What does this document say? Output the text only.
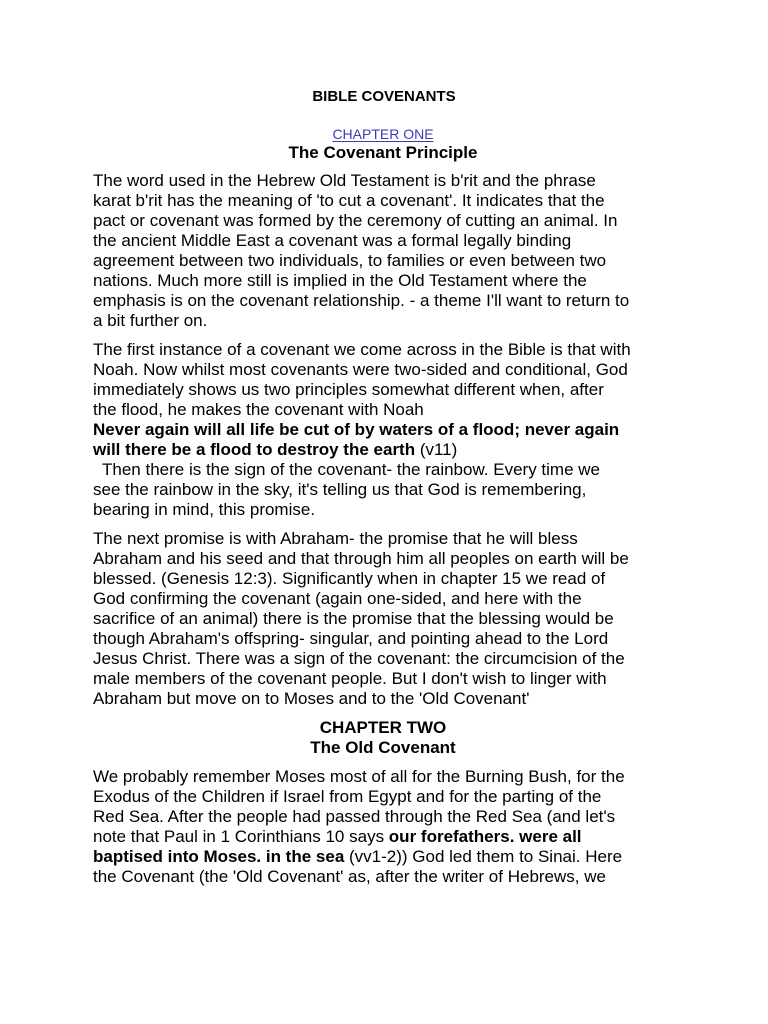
BIBLE COVENANTS
CHAPTER ONE
The Covenant Principle

The word used in the Hebrew Old Testament is b'rit and the phrase

karat b'rit has the meaning of 'to cut a covenant'. It indicates that the

pact or covenant was formed by the ceremony of cutting an animal. In

the ancient Middle East a covenant was a formal legally binding

agreement between two individuals, to families or even between two

nations. Much more still is implied in the Old Testament where the

emphasis is on the covenant relationship. - a theme I'll want to return to

a bit further on.

The first instance of a covenant we come across in the Bible is that with

Noah. Now whilst most covenants were two-sided and conditional, God

immediately shows us two principles somewhat different when, after

the flood, he makes the covenant with Noah

Never again will all life be cut of by waters of a flood; never again

will there be a flood to destroy the earth (v11)

Then there is the sign of the covenant- the rainbow. Every time we

see the rainbow in the sky, it's telling us that God is remembering,

bearing in mind, this promise.

The next promise is with Abraham- the promise that he will bless

Abraham and his seed and that through him all peoples on earth will be

blessed. (Genesis 12:3). Significantly when in chapter 15 we read of

God confirming the covenant (again one-sided, and here with the

sacrifice of an animal) there is the promise that the blessing would be

though Abraham's offspring- singular, and pointing ahead to the Lord

Jesus Christ. There was a sign of the covenant: the circumcision of the

male members of the covenant people. But I don't wish to linger with

Abraham but move on to Moses and to the 'Old Covenant'

CHAPTER TWO
The Old Covenant

We probably remember Moses most of all for the Burning Bush, for the

Exodus of the Children if Israel from Egypt and for the parting of the

Red Sea. After the people had passed through the Red Sea (and let's

note that Paul in 1 Corinthians 10 says our forefathers. were all

baptised into Moses. in the sea (vv1-2)) God led them to Sinai. Here

the Covenant (the 'Old Covenant' as, after the writer of Hebrews, we
